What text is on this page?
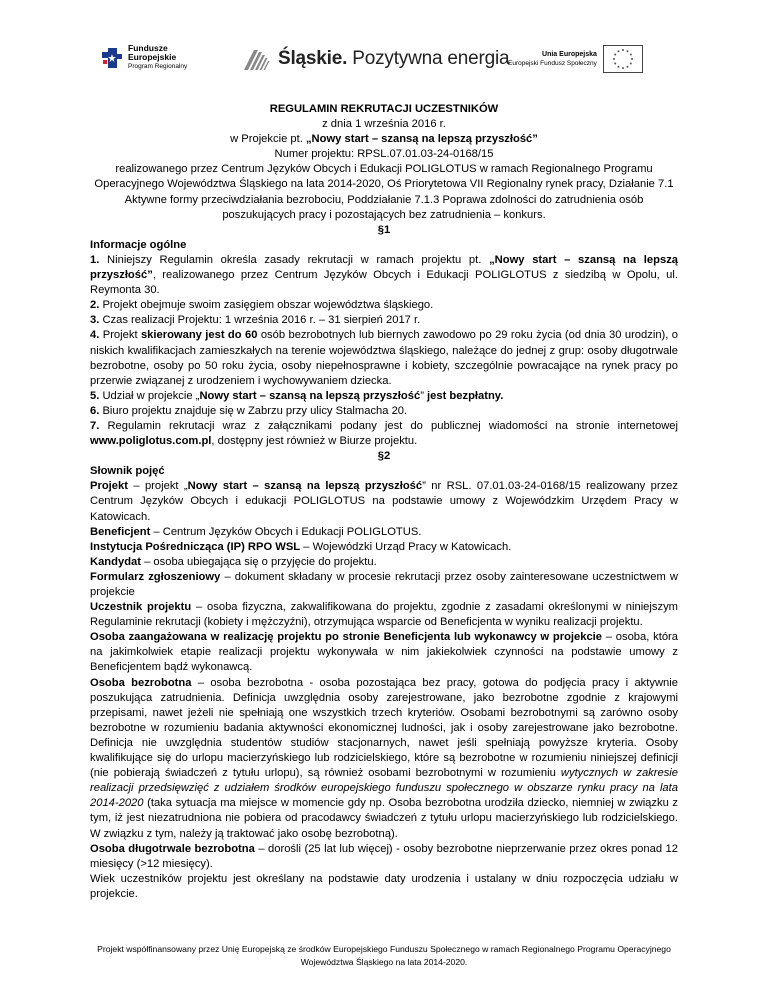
Fundusze
Europejskie
Program Regionalny	Śląskie. Pozytywna energia	Unia Europejska
Europejski Fundusz Społeczny

REGULAMIN REKRUTACJI UCZESTNIKÓW

z dnia 1 września 2016 r.

w Projekcie pt. „Nowy start – szansą na lepszą przyszłość”

Numer projektu: RPSL.07.01.03-24-0168/15

realizowanego przez Centrum Języków Obcych i Edukacji POLIGLOTUS w ramach Regionalnego Programu Operacyjnego Województwa Śląskiego na lata 2014-2020, Oś Priorytetowa VII Regionalny rynek pracy, Działanie 7.1 Aktywne formy przeciwdziałania bezrobociu, Poddziałanie 7.1.3 Poprawa zdolności do zatrudnienia osób poszukujących pracy i pozostających bez zatrudnienia – konkurs.

§1

Informacje ogólne

1. Niniejszy Regulamin określa zasady rekrutacji w ramach projektu pt. „Nowy start – szansą na lepszą przyszłość”, realizowanego przez Centrum Języków Obcych i Edukacji POLIGLOTUS z siedzibą w Opolu, ul. Reymonta 30.

2. Projekt obejmuje swoim zasięgiem obszar województwa śląskiego.

3. Czas realizacji Projektu: 1 września 2016 r. – 31 sierpień 2017 r.

4. Projekt skierowany jest do 60 osób bezrobotnych lub biernych zawodowo po 29 roku życia (od dnia 30 urodzin), o niskich kwalifikacjach zamieszkałych na terenie województwa śląskiego, należące do jednej z grup: osoby długotrwale bezrobotne, osoby po 50 roku życia, osoby niepełnosprawne i kobiety, szczególnie powracające na rynek pracy po przerwie związanej z urodzeniem i wychowywaniem dziecka.

5. Udział w projekcie „Nowy start – szansą na lepszą przyszłość” jest bezpłatny.

6. Biuro projektu znajduje się w Zabrzu przy ulicy Stalmacha 20.

7. Regulamin rekrutacji wraz z załącznikami podany jest do publicznej wiadomości na stronie internetowej www.poliglotus.com.pl, dostępny jest również w Biurze projektu.

§2

Słownik pojęć

Projekt – projekt „Nowy start – szansą na lepszą przyszłość” nr RSL. 07.01.03-24-0168/15 realizowany przez Centrum Języków Obcych i edukacji POLIGLOTUS na podstawie umowy z Wojewódzkim Urzędem Pracy w Katowicach.

Beneficjent – Centrum Języków Obcych i Edukacji POLIGLOTUS.

Instytucja Pośrednicząca (IP) RPO WSL – Wojewódzki Urząd Pracy w Katowicach.

Kandydat – osoba ubiegająca się o przyjęcie do projektu.

Formularz zgłoszeniowy – dokument składany w procesie rekrutacji przez osoby zainteresowane uczestnictwem w projekcie

Uczestnik projektu – osoba fizyczna, zakwalifikowana do projektu, zgodnie z zasadami określonymi w niniejszym Regulaminie rekrutacji (kobiety i mężczyźni), otrzymująca wsparcie od Beneficjenta w wyniku realizacji projektu.

Osoba zaangażowana w realizację projektu po stronie Beneficjenta lub wykonawcy w projekcie – osoba, która na jakimkolwiek etapie realizacji projektu wykonywała w nim jakiekolwiek czynności na podstawie umowy z Beneficjentem bądź wykonawcą.

Osoba bezrobotna – osoba bezrobotna - osoba pozostająca bez pracy, gotowa do podjęcia pracy i aktywnie poszukująca zatrudnienia. Definicja uwzględnia osoby zarejestrowane, jako bezrobotne zgodnie z krajowymi przepisami, nawet jeżeli nie spełniają one wszystkich trzech kryteriów. Osobami bezrobotnymi są zarówno osoby bezrobotne w rozumieniu badania aktywności ekonomicznej ludności, jak i osoby zarejestrowane jako bezrobotne. Definicja nie uwzględnia studentów studiów stacjonarnych, nawet jeśli spełniają powyższe kryteria. Osoby kwalifikujące się do urlopu macierzyńskiego lub rodzicielskiego, które są bezrobotne w rozumieniu niniejszej definicji (nie pobierają świadczeń z tytułu urlopu), są również osobami bezrobotnymi w rozumieniu wytycznych w zakresie realizacji przedsięwzięć z udziałem środków europejskiego funduszu społecznego w obszarze rynku pracy na lata 2014-2020 (taka sytuacja ma miejsce w momencie gdy np. Osoba bezrobotna urodziła dziecko, niemniej w związku z tym, iż jest niezatrudniona nie pobiera od pracodawcy świadczeń z tytułu urlopu macierzyńskiego lub rodzicielskiego. W związku z tym, należy ją traktować jako osobę bezrobotną).

Osoba długotrwale bezrobotna – dorośli (25 lat lub więcej) - osoby bezrobotne nieprzerwanie przez okres ponad 12 miesięcy (>12 miesięcy).

Wiek uczestników projektu jest określany na podstawie daty urodzenia i ustalany w dniu rozpoczęcia udziału w projekcie.

Projekt współfinansowany przez Unię Europejską ze środków Europejskiego Funduszu Społecznego w ramach Regionalnego Programu Operacyjnego Województwa Śląskiego na lata 2014-2020.
